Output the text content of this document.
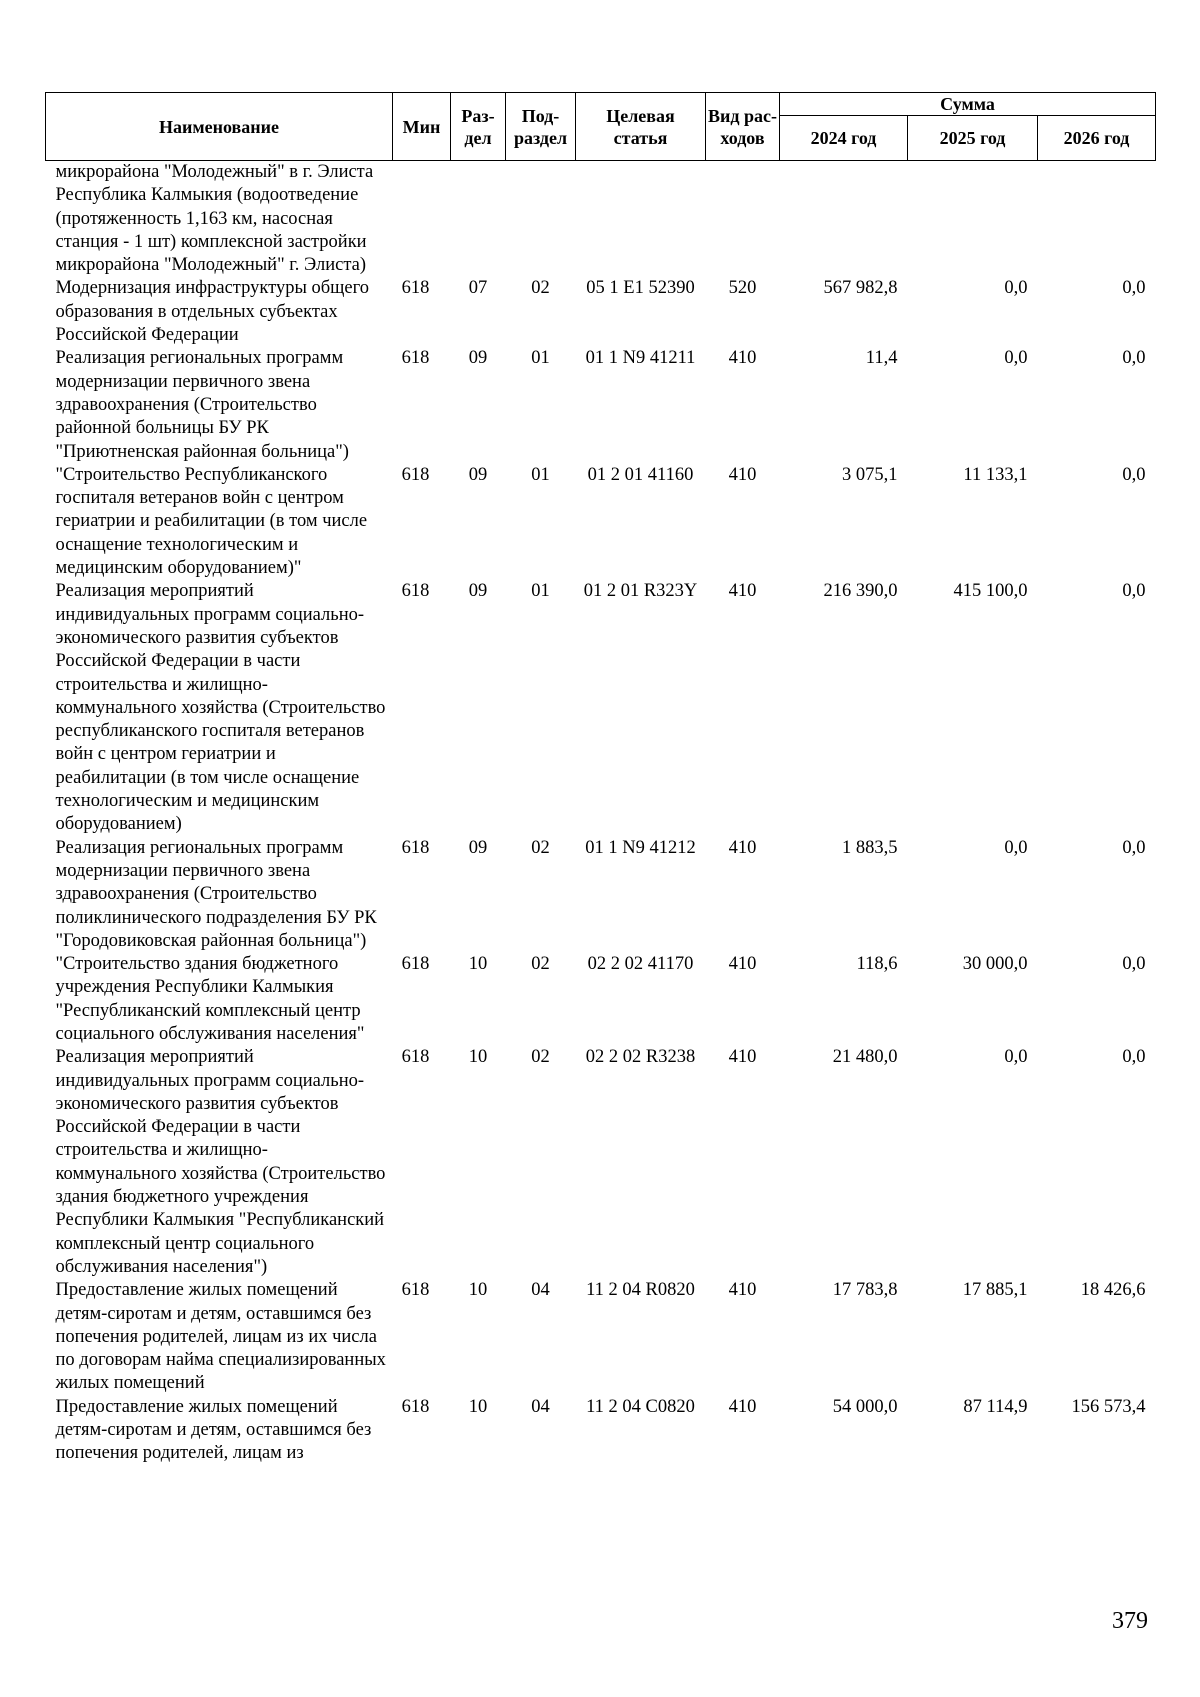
Наименование	Мин	Раз-дел	Под-раздел	Целевая статья	Вид рас-ходов	Сумма		
						2024 год	2025 год	2026 год
микрорайона "Молодежный" в г. Элиста Республика Калмыкия (водоотведение (протяженность 1,163 км, насосная станция - 1 шт) комплексной застройки микрорайона "Молодежный" г. Элиста)								
Модернизация инфраструктуры общего образования в отдельных субъектах Российской Федерации	618	07	02	05 1 E1 52390	520	567 982,8	0,0	0,0
Реализация региональных программ модернизации первичного звена здравоохранения (Строительство районной больницы БУ РК "Приютненская районная больница")	618	09	01	01 1 N9 41211	410	11,4	0,0	0,0
"Строительство Республиканского госпиталя ветеранов войн с центром гериатрии и реабилитации (в том числе оснащение технологическим и медицинским оборудованием)"	618	09	01	01 2 01 41160	410	3 075,1	11 133,1	0,0
Реализация мероприятий индивидуальных программ социально-экономического развития субъектов Российской Федерации в части строительства и жилищно-коммунального хозяйства (Строительство республиканского госпиталя ветеранов войн с центром гериатрии и реабилитации (в том числе оснащение технологическим и медицинским оборудованием)	618	09	01	01 2 01 R323Y	410	216 390,0	415 100,0	0,0
Реализация региональных программ модернизации первичного звена здравоохранения (Строительство поликлинического подразделения БУ РК "Городовиковская районная больница")	618	09	02	01 1 N9 41212	410	1 883,5	0,0	0,0
"Строительство здания бюджетного учреждения Республики Калмыкия "Республиканский комплексный центр социального обслуживания населения"	618	10	02	02 2 02 41170	410	118,6	30 000,0	0,0
Реализация мероприятий индивидуальных программ социально-экономического развития субъектов Российской Федерации в части строительства и жилищно-коммунального хозяйства (Строительство здания бюджетного учреждения Республики Калмыкия "Республиканский комплексный центр социального обслуживания населения")	618	10	02	02 2 02 R3238	410	21 480,0	0,0	0,0
Предоставление жилых помещений детям-сиротам и детям, оставшимся без попечения родителей, лицам из их числа по договорам найма специализированных жилых помещений	618	10	04	11 2 04 R0820	410	17 783,8	17 885,1	18 426,6
Предоставление жилых помещений детям-сиротам и детям, оставшимся без попечения родителей, лицам из	618	10	04	11 2 04 C0820	410	54 000,0	87 114,9	156 573,4
379
